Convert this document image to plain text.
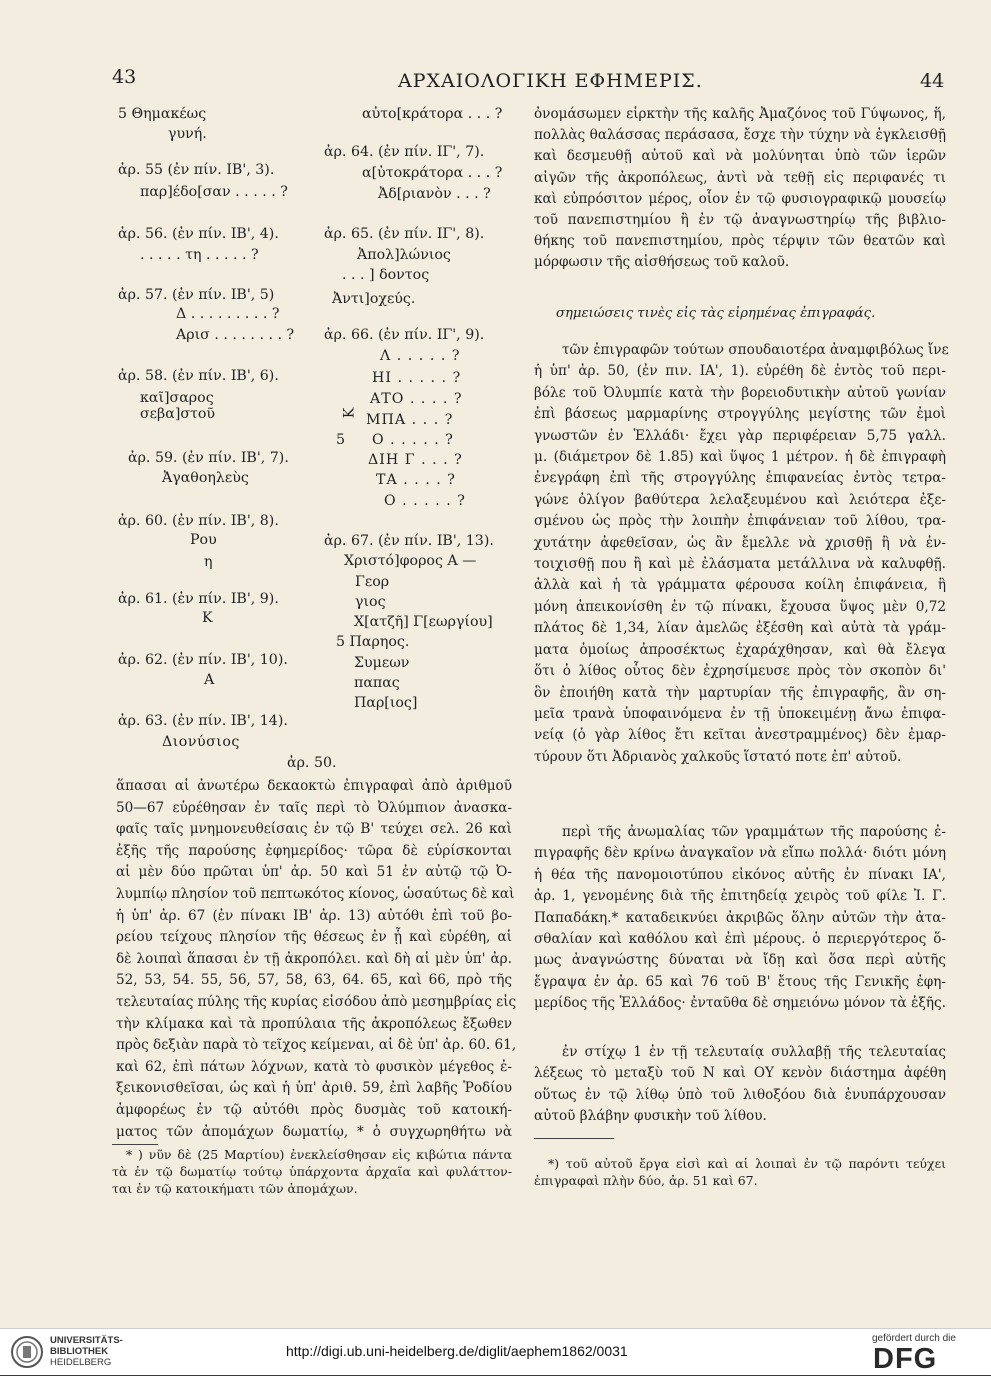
43	ΑΡΧΑΙΟΛΟΓΙΚΗ ΕΦΗΜΕΡΙΣ.	44
5 Θημακέως
γυνή.
αὐτο[κράτορα . . . ?
ἀρ. 64. (ἐν πίν. ΙΓ', 7).
ἀρ. 55 (ἐν πίν. ΙΒ', 3).	α[ὐτοκράτορα . . . ?
παρ]έδο[σαν . . . . . ?	Ἀδ[ριανὸν . . . ?
ἀρ. 56. (ἐν πίν. ΙΒ', 4).	ἀρ. 65. (ἐν πίν. ΙΓ', 8).
. . . . . τη . . . . . ?	Ἀπολ]λώνιος
. . . ] δοντος
ἀρ. 57. (ἐν πίν. ΙΒ', 5)	Ἀντι]οχεύς.
Δ . . . . . . . . . ?
Αρισ . . . . . . . . ? ἀρ. 66. (ἐν πίν. ΙΓ', 9).
Λ . . . . . ?
ἀρ. 58. (ἐν πίν. ΙΒ', 6).	ΗΙ . . . . . ?
καῖ]σαρος	ΑΤΟ . . . . ?
σεβα]στοῦ	Κ ΜΠΑ . . . ?
5 Ο . . . . . ?
ἀρ. 59. (ἐν πίν. ΙΒ', 7).	ΔΙΗ Γ . . . ?
Ἀγαθοηλεὺς	ΤΑ . . . . ?
Ο . . . . . ?
ἀρ. 60. (ἐν πίν. ΙΒ', 8).
Ρου	ἀρ. 67. (ἐν πίν. ΙΒ', 13).
η	Χριστό]φορος Α —
Γεορ
ἀρ. 61. (ἐν πίν. ΙΒ', 9).	γιος
Κ	Χ[ατζῆ] Γ[εωργίου]
5 Παρηος.
ἀρ. 62. (ἐν πίν. ΙΒ', 10).	Συμεων
Α	παπας
Παρ[ιος]
ἀρ. 63. (ἐν πίν. ΙΒ', 14).
Διονύσιος
ἀρ. 50.
ἅπασαι αἱ ἀνωτέρω δεκαοκτὼ ἐπιγραφαὶ ἀπὸ ἀριθμοῦ
50—67 εὑρέθησαν ἐν ταῖς περὶ τὸ Ὀλύμπιον ἀνασκα-
φαῖς ταῖς μνημονευθείσαις ἐν τῷ Β' τεύχει σελ. 26 καὶ
ἑξῆς τῆς παρούσης ἐφημερίδος· τῶρα δὲ εὑρίσκονται
αἱ μὲν δύο πρῶται ὑπ' ἀρ. 50 καὶ 51 ἐν αὐτῷ τῷ Ὀ-
λυμπίῳ πλησίον τοῦ πεπτωκότος κίονος, ὡσαύτως δὲ καὶ
ἡ ὑπ' ἀρ. 67 (ἐν πίνακι ΙΒ' ἀρ. 13) αὐτόθι ἐπὶ τοῦ βο-
ρείου τείχους πλησίον τῆς θέσεως ἐν ᾗ καὶ εὑρέθη, αἱ
δὲ λοιπαὶ ἅπασαι ἐν τῇ ἀκροπόλει. καὶ δὴ αἱ μὲν ὑπ' ἀρ.
52, 53, 54. 55, 56, 57, 58, 63, 64. 65, καὶ 66, πρὸ τῆς
τελευταίας πύλης τῆς κυρίας εἰσόδου ἀπὸ μεσημβρίας εἰς
τὴν κλίμακα καὶ τὰ προπύλαια τῆς ἀκροπόλεως ἔξωθεν
πρὸς δεξιὰν παρὰ τὸ τεῖχος κείμεναι, αἱ δὲ ὑπ' ἀρ. 60. 61,
καὶ 62, ἐπὶ πάτων λόχνων, κατὰ τὸ φυσικὸν μέγεθος ἐ-
ξεικονισθεῖσαι, ὡς καὶ ἡ ὑπ' ἀριθ. 59, ἐπὶ λαβῆς Ῥοδίου
ἀμφορέως ἐν τῷ αὐτόθι πρὸς δυσμὰς τοῦ κατοική-
ματος τῶν ἀπομάχων δωματίῳ, * ὁ συγχωρηθήτω νὰ
* ) νῦν δὲ (25 Μαρτίου) ἐνεκλείσθησαν εἰς κιβώτια πάντα
τὰ ἐν τῷ δωματίῳ τούτῳ ὑπάρχοντα ἀρχαῖα καὶ φυλάττον-
ται ἐν τῷ κατοικήματι τῶν ἀπομάχων.
ὀνομάσωμεν εἱρκτὴν τῆς καλῆς Ἀμαζόνος τοῦ Γύψωνος, ἥ,
πολλὰς θαλάσσας περάσασα, ἔσχε τὴν τύχην νὰ ἐγκλεισθῇ
καὶ δεσμευθῇ αὐτοῦ καὶ νὰ μολύνηται ὑπὸ τῶν ἱερῶν
αἰγῶν τῆς ἀκροπόλεως, ἀντὶ νὰ τεθῇ εἰς περιφανές τι
καὶ εὐπρόσιτον μέρος, οἷον ἐν τῷ φυσιογραφικῷ μουσείῳ
τοῦ πανεπιστημίου ἢ ἐν τῷ ἀναγνωστηρίῳ τῆς βιβλιο-
θήκης τοῦ πανεπιστημίου, πρὸς τέρψιν τῶν θεατῶν καὶ
μόρφωσιν τῆς αἰσθήσεως τοῦ καλοῦ.
σημειώσεις τινὲς εἰς τὰς εἰρημένας ἐπιγραφάς.
τῶν ἐπιγραφῶν τούτων σπουδαιοτέρα ἀναμφιβόλως ἴνε
ἡ ὑπ' ἀρ. 50, (ἐν πιν. ΙΑ', 1). εὑρέθη δὲ ἐντὸς τοῦ περι-
βόλε τοῦ Ὀλυμπίε κατὰ τὴν βορειοδυτικὴν αὐτοῦ γωνίαν
ἐπὶ βάσεως μαρμαρίνης στρογγύλης μεγίστης τῶν ἐμοὶ
γνωστῶν ἐν Ἑλλάδι· ἔχει γὰρ περιφέρειαν 5,75 γαλλ.
μ. (διάμετρον δὲ 1.85) καὶ ὕψος 1 μέτρον. ἡ δὲ ἐπιγραφὴ
ἐνεγράφη ἐπὶ τῆς στρογγύλης ἐπιφανείας ἐντὸς τετρα-
γώνε ὀλίγον βαθύτερα λελαξευμένου καὶ λειότερα ἐξε-
σμένου ὡς πρὸς τὴν λοιπὴν ἐπιφάνειαν τοῦ λίθου, τρα-
χυτάτην ἀφεθεῖσαν, ὡς ἂν ἔμελλε νὰ χρισθῇ ἢ νὰ ἐν-
τοιχισθῇ που ἢ καὶ μὲ ἐλάσματα μετάλλινα νὰ καλυφθῇ.
ἀλλὰ καὶ ἡ τὰ γράμματα φέρουσα κοίλη ἐπιφάνεια, ἣ
μόνη ἀπεικονίσθη ἐν τῷ πίνακι, ἔχουσα ὕψος μὲν 0,72
πλάτος δὲ 1,34, λίαν ἀμελῶς ἐξέσθη καὶ αὐτὰ τὰ γράμ-
ματα ὁμοίως ἀπροσέκτως ἐχαράχθησαν, καὶ θὰ ἔλεγα
ὅτι ὁ λίθος οὗτος δὲν ἐχρησίμευσε πρὸς τὸν σκοπὸν δι'
ὃν ἐποιήθη κατὰ τὴν μαρτυρίαν τῆς ἐπιγραφῆς, ἂν ση-
μεῖα τρανὰ ὑποφαινόμενα ἐν τῇ ὑποκειμένῃ ἄνω ἐπιφα-
νείᾳ (ὁ γὰρ λίθος ἔτι κεῖται ἀνεστραμμένος) δὲν ἐμαρ-
τύρουν ὅτι Ἀδριανὸς χαλκοῦς ἵστατό ποτε ἐπ' αὐτοῦ.
περὶ τῆς ἀνωμαλίας τῶν γραμμάτων τῆς παρούσης ἐ-
πιγραφῆς δὲν κρίνω ἀναγκαῖον νὰ εἴπω πολλά· διότι μόνη
ἡ θέα τῆς πανομοιοτύπου εἰκόνος αὐτῆς ἐν πίνακι ΙΑ',
ἀρ. 1, γενομένης διὰ τῆς ἐπιτηδείᾳ χειρὸς τοῦ φίλε Ἰ. Γ.
Παπαδάκη.* καταδεικνύει ἀκριβῶς ὅλην αὐτῶν τὴν ἀτα-
σθαλίαν καὶ καθόλου καὶ ἐπὶ μέρους. ὁ περιεργότερος ὅ-
μως ἀναγνώστης δύναται νὰ ἴδῃ καὶ ὅσα περὶ αὐτῆς
ἔγραψα ἐν ἀρ. 65 καὶ 76 τοῦ Β' ἔτους τῆς Γενικῆς ἐφη-
μερίδος τῆς Ἑλλάδος· ἐνταῦθα δὲ σημειόνω μόνον τὰ ἑξῆς.
ἐν στίχῳ 1 ἐν τῇ τελευταίᾳ συλλαβῇ τῆς τελευταίας
λέξεως τὸ μεταξὺ τοῦ Ν καὶ ΟΥ κενὸν διάστημα ἀφέθη
οὕτως ἐν τῷ λίθῳ ὑπὸ τοῦ λιθοξόου διὰ ἐνυπάρχουσαν
αὐτοῦ βλάβην φυσικὴν τοῦ λίθου.
*) τοῦ αὐτοῦ ἔργα εἰσὶ καὶ αἱ λοιπαὶ ἐν τῷ παρόντι τεύχει
ἐπιγραφαὶ πλὴν δύο, ἀρ. 51 καὶ 67.
UNIVERSITÄTS-
BIBLIOTHEK
HEIDELBERG
http://digi.ub.uni-heidelberg.de/diglit/aephem1862/0031
gefördert durch die
DFG
